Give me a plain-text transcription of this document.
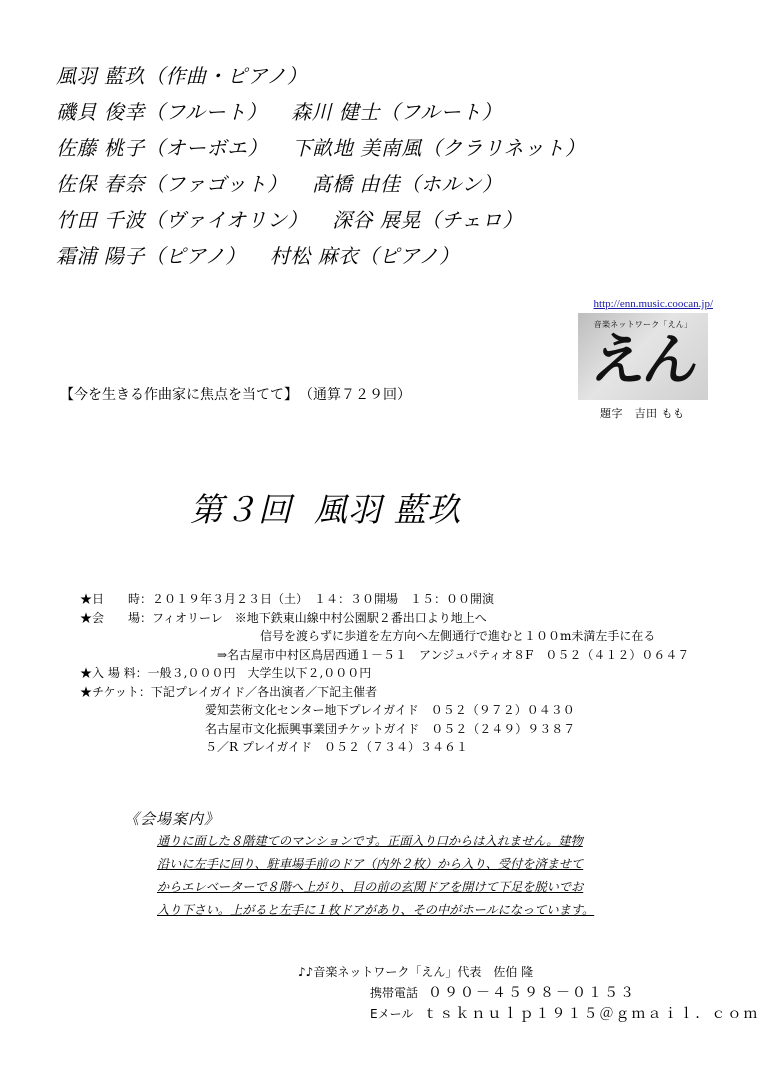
風羽 藍玖（作曲・ピアノ）
磯貝 俊幸（フルート） 森川 健士（フルート）
佐藤 桃子（オーボエ） 下畝地 美南風（クラリネット）
佐保 春奈（ファゴット） 髙橋 由佳（ホルン）
竹田 千波（ヴァイオリン） 深谷 展晃（チェロ）
霜浦 陽子（ピアノ） 村松 麻衣（ピアノ）
http://enn.music.coocan.jp/
音楽ネットワーク「えん」
えん
題字　吉田 もも
【今を生きる作曲家に焦点を当てて】 （通算７２９回）
第３回 風羽 藍玖
★日　　時：２０１９年３月２３日（土）　１４：３０開場　１５：００開演
★会　　場：フィオリーレ　※地下鉄東山線中村公園駅２番出口より地上へ
信号を渡らずに歩道を左方向へ左側通行で進むと１００m未満左手に在る
　⇒名古屋市中村区鳥居西通１－５１　アンジュパティオ８F　０５２（４１２）０６４７
★入 場 料：一般３,０００円　大学生以下２,０００円
★チケット：下記プレイガイド／各出演者／下記主催者
愛知芸術文化センター地下プレイガイド　０５２（９７２）０４３０
名古屋市文化振興事業団チケットガイド　０５２（２４９）９３８７
５／R プレイガイド　０５２（７３４）３４６１
《会場案内》
通りに面した８階建てのマンションです。正面入り口からは入れません。建物
沿いに左手に回り、駐車場手前のドア（内外２枚）から入り、受付を済ませて
からエレベーターで８階へ上がり、目の前の玄関ドアを開けて下足を脱いでお
入り下さい。上がると左手に１枚ドアがあり、その中がホールになっています。
♪♪音楽ネットワーク「えん」代表　佐伯 隆
携帯電話 ０９０－４５９８－０１５３
Eメール ｔｓｋｎｕｌｐ１９１５＠ｇｍａｉｌ．ｃｏｍ
